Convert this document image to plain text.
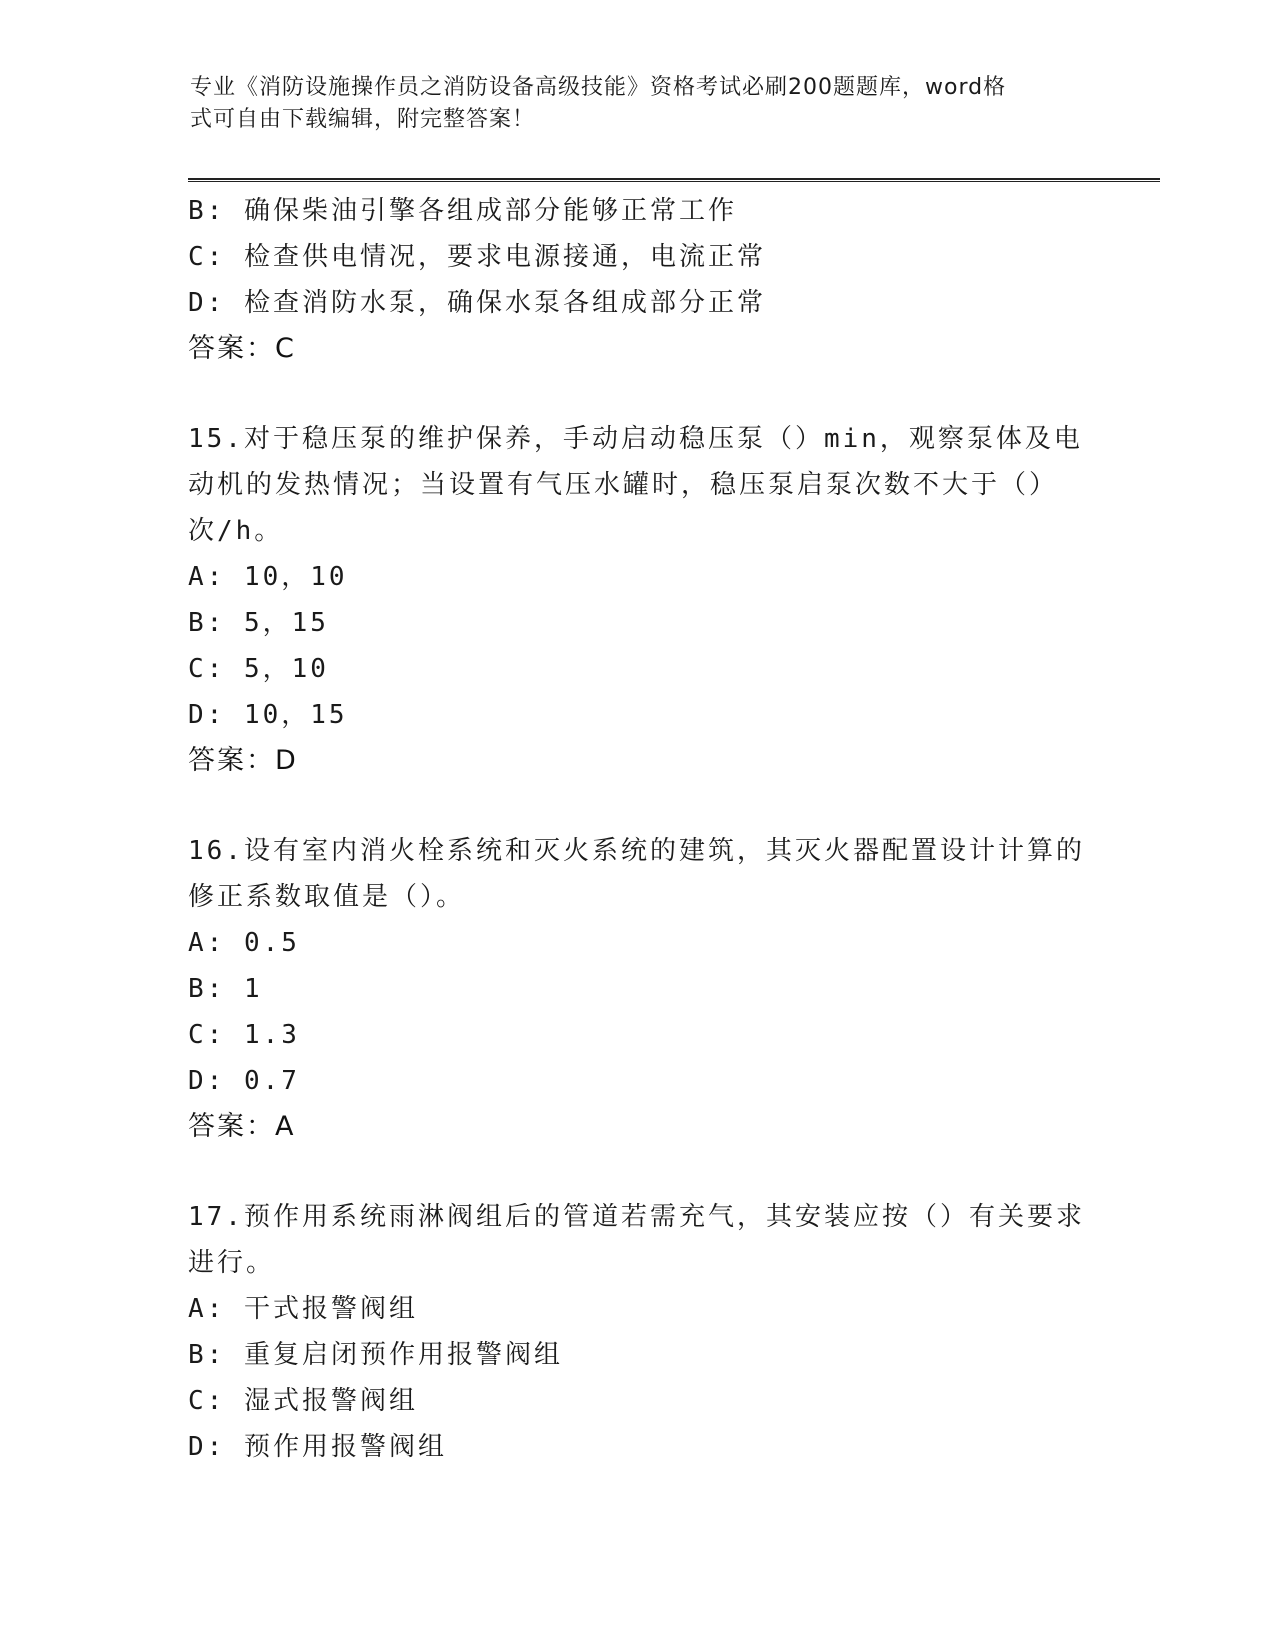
专业《消防设施操作员之消防设备高级技能》资格考试必刷200题题库，word格
式可自由下载编辑，附完整答案！
B: 确保柴油引擎各组成部分能够正常工作
C: 检查供电情况，要求电源接通，电流正常
D: 检查消防水泵，确保水泵各组成部分正常
答案：C
15.对于稳压泵的维护保养，手动启动稳压泵（）min，观察泵体及电
动机的发热情况；当设置有气压水罐时，稳压泵启泵次数不大于（）
次/h。
A: 10，10
B: 5，15
C: 5，10
D: 10，15
答案：D
16.设有室内消火栓系统和灭火系统的建筑，其灭火器配置设计计算的
修正系数取值是（）。
A: 0.5
B: 1
C: 1.3
D: 0.7
答案：A
17.预作用系统雨淋阀组后的管道若需充气，其安装应按（）有关要求
进行。
A: 干式报警阀组
B: 重复启闭预作用报警阀组
C: 湿式报警阀组
D: 预作用报警阀组
